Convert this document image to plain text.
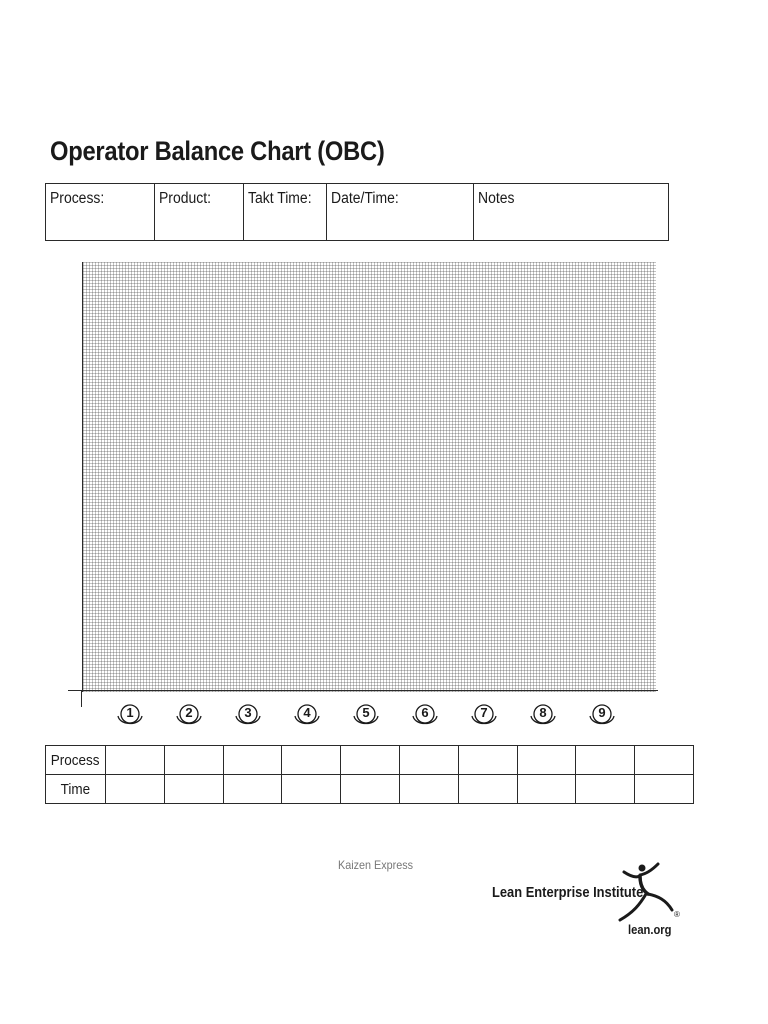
Operator Balance Chart (OBC)
Process:	Product:	Takt Time:	Date/Time:	Notes
1	2	3	4	5	6	7	8	9
Process										
Time										
Kaizen Express
Lean Enterprise Institute
®
lean.org
